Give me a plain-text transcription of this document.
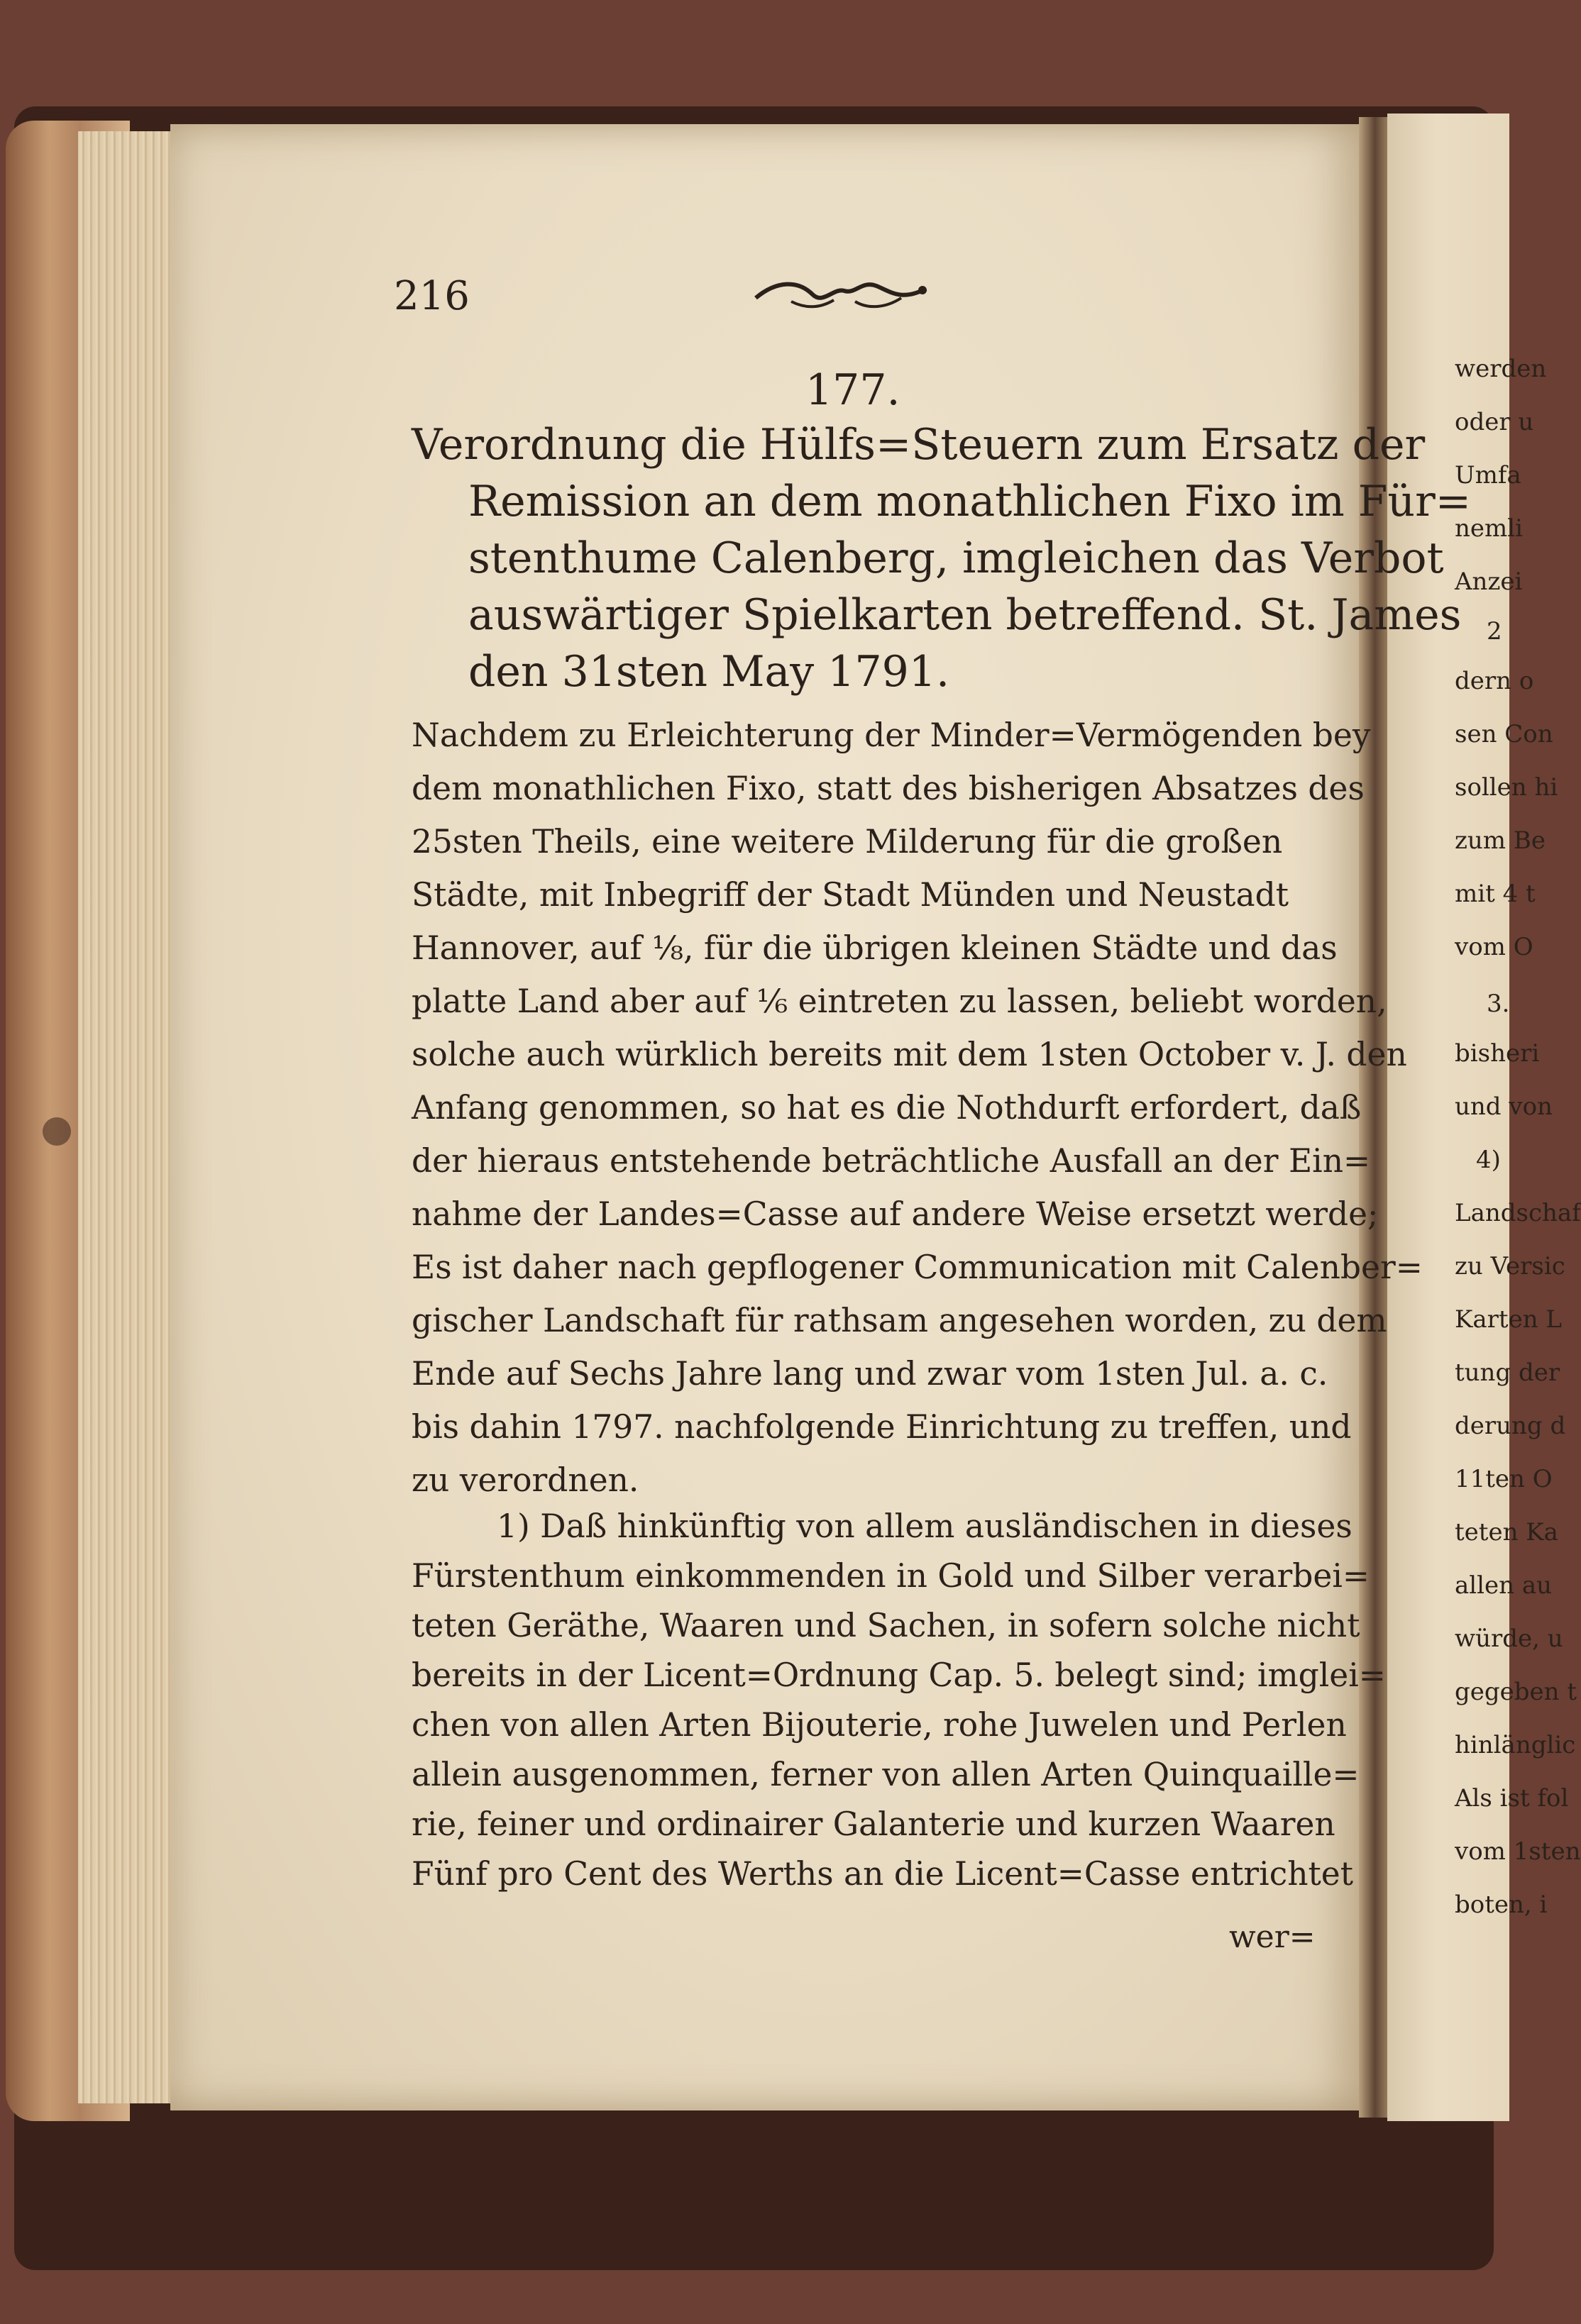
216
177.
Verordnung die Hülfs=Steuern zum Ersatz der
Remission an dem monathlichen Fixo im Für=
stenthume Calenberg, imgleichen das Verbot
auswärtiger Spielkarten betreffend. St. James
den 31sten May 1791.
Nachdem zu Erleichterung der Minder=Vermögenden bey
dem monathlichen Fixo, statt des bisherigen Absatzes des
25sten Theils, eine weitere Milderung für die großen
Städte, mit Inbegriff der Stadt Münden und Neustadt
Hannover, auf ⅛, für die übrigen kleinen Städte und das
platte Land aber auf ⅙ eintreten zu lassen, beliebt worden,
solche auch würklich bereits mit dem 1sten October v. J. den
Anfang genommen, so hat es die Nothdurft erfordert, daß
der hieraus entstehende beträchtliche Ausfall an der Ein=
nahme der Landes=Casse auf andere Weise ersetzt werde;
Es ist daher nach gepflogener Communication mit Calenber=
gischer Landschaft für rathsam angesehen worden, zu dem
Ende auf Sechs Jahre lang und zwar vom 1sten Jul. a. c.
bis dahin 1797. nachfolgende Einrichtung zu treffen, und
zu verordnen.
1) Daß hinkünftig von allem ausländischen in dieses
Fürstenthum einkommenden in Gold und Silber verarbei=
teten Geräthe, Waaren und Sachen, in sofern solche nicht
bereits in der Licent=Ordnung Cap. 5. belegt sind; imglei=
chen von allen Arten Bijouterie, rohe Juwelen und Perlen
allein ausgenommen, ferner von allen Arten Quinquaille=
rie, feiner und ordinairer Galanterie und kurzen Waaren
Fünf pro Cent des Werths an die Licent=Casse entrichtet
wer=
werden
oder u
Umfa
nemli
Anzei
2
dern o
sen Con
sollen hi
zum Be
mit 4 t
vom O
3.
bisheri
und von
4)
Landschaf
zu Versic
Karten L
tung der
derung d
11ten O
teten Ka
allen au
würde, u
gegeben t
hinlänglic
Als ist fol
vom 1sten
boten, i
